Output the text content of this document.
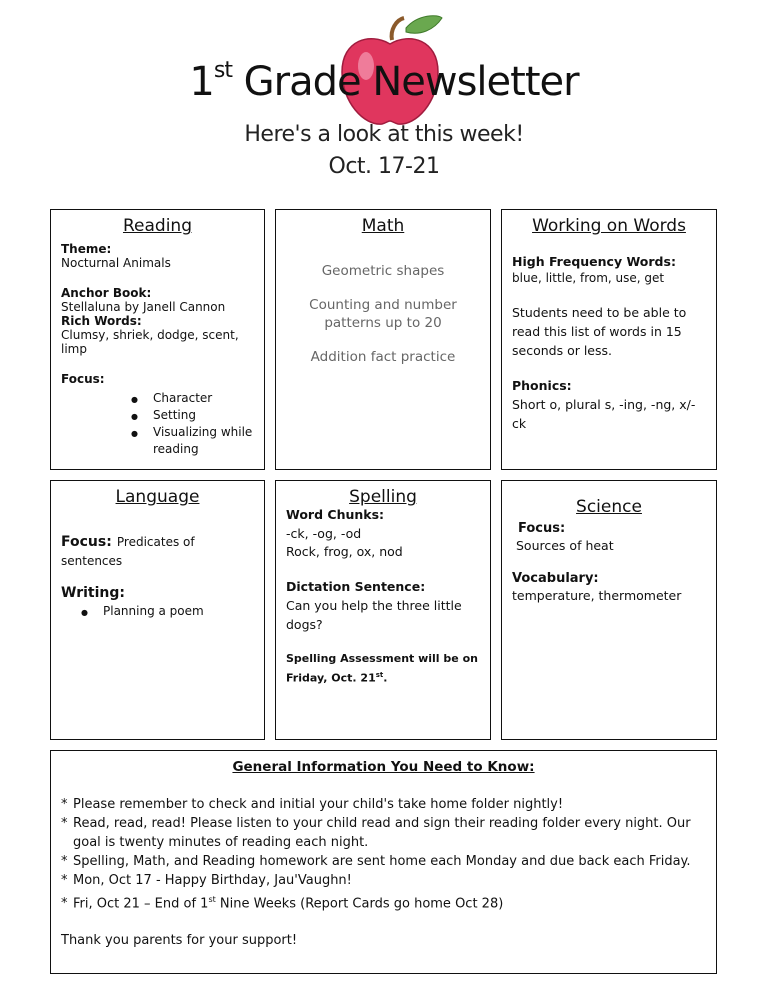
1st Grade Newsletter
Here's a look at this week!
Oct. 17-21
Reading
Theme:
Nocturnal Animals
Anchor Book:
Stellaluna by Janell Cannon
Rich Words:
Clumsy, shriek, dodge, scent, limp
Focus:
● Character
● Setting
● Visualizing while reading
Math
Geometric shapes
Counting and number patterns up to 20
Addition fact practice
Working on Words
High Frequency Words:
blue, little, from, use, get
Students need to be able to read this list of words in 15 seconds or less.
Phonics:
Short o, plural s, -ing, -ng, x/-ck
Language
Focus: Predicates of sentences
Writing:
● Planning a poem
Spelling
Word Chunks:
-ck, -og, -od
Rock, frog, ox, nod
Dictation Sentence:
Can you help the three little dogs?
Spelling Assessment will be on Friday, Oct. 21st.
Science
Focus:
Sources of heat
Vocabulary:
temperature, thermometer
General Information You Need to Know:
* Please remember to check and initial your child's take home folder nightly!
* Read, read, read! Please listen to your child read and sign their reading folder every night. Our
goal is twenty minutes of reading each night.
* Spelling, Math, and Reading homework are sent home each Monday and due back each Friday.
* Mon, Oct 17 - Happy Birthday, Jau'Vaughn!
* Fri, Oct 21 – End of 1st Nine Weeks (Report Cards go home Oct 28)
Thank you parents for your support!
